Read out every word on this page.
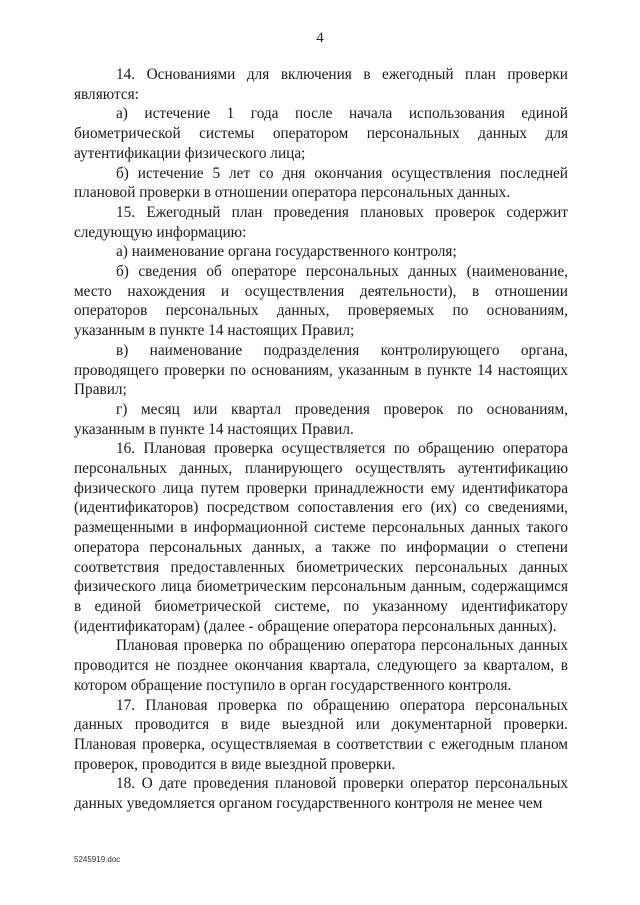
4

14. Основаниями для включения в ежегодный план проверки являются:

а) истечение 1 года после начала использования единой биометрической системы оператором персональных данных для аутентификации физического лица;

б) истечение 5 лет со дня окончания осуществления последней плановой проверки в отношении оператора персональных данных.

15. Ежегодный план проведения плановых проверок содержит следующую информацию:

а) наименование органа государственного контроля;

б) сведения об операторе персональных данных (наименование, место нахождения и осуществления деятельности), в отношении операторов персональных данных, проверяемых по основаниям, указанным в пункте 14 настоящих Правил;

в) наименование подразделения контролирующего органа, проводящего проверки по основаниям, указанным в пункте 14 настоящих Правил;

г) месяц или квартал проведения проверок по основаниям, указанным в пункте 14 настоящих Правил.

16. Плановая проверка осуществляется по обращению оператора персональных данных, планирующего осуществлять аутентификацию физического лица путем проверки принадлежности ему идентификатора (идентификаторов) посредством сопоставления его (их) со сведениями, размещенными в информационной системе персональных данных такого оператора персональных данных, а также по информации о степени соответствия предоставленных биометрических персональных данных физического лица биометрическим персональным данным, содержащимся в единой биометрической системе, по указанному идентификатору (идентификаторам) (далее - обращение оператора персональных данных).

Плановая проверка по обращению оператора персональных данных проводится не позднее окончания квартала, следующего за кварталом, в котором обращение поступило в орган государственного контроля.

17. Плановая проверка по обращению оператора персональных данных проводится в виде выездной или документарной проверки. Плановая проверка, осуществляемая в соответствии с ежегодным планом проверок, проводится в виде выездной проверки.

18. О дате проведения плановой проверки оператор персональных данных уведомляется органом государственного контроля не менее чем

5245919.doc
